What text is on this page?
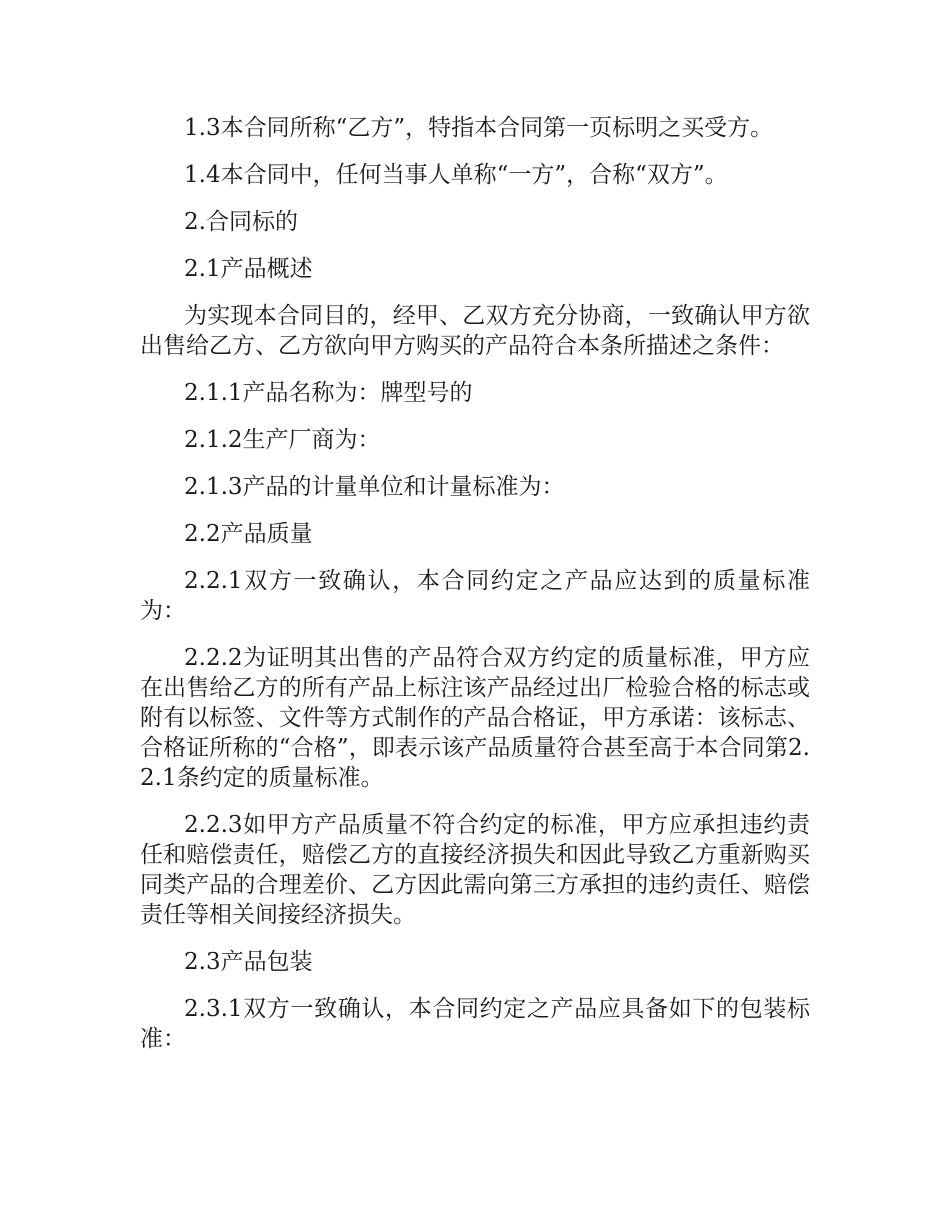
1.3本合同所称“乙方”，特指本合同第一页标明之买受方。

1.4本合同中，任何当事人单称“一方”，合称“双方”。

2.合同标的

2.1产品概述

为实现本合同目的，经甲、乙双方充分协商，一致确认甲方欲出售给乙方、乙方欲向甲方购买的产品符合本条所描述之条件：

2.1.1产品名称为：牌型号的

2.1.2生产厂商为：

2.1.3产品的计量单位和计量标准为：

2.2产品质量

2.2.1双方一致确认，本合同约定之产品应达到的质量标准为：

2.2.2为证明其出售的产品符合双方约定的质量标准，甲方应在出售给乙方的所有产品上标注该产品经过出厂检验合格的标志或附有以标签、文件等方式制作的产品合格证，甲方承诺：该标志、合格证所称的“合格”，即表示该产品质量符合甚至高于本合同第2.2.1条约定的质量标准。

2.2.3如甲方产品质量不符合约定的标准，甲方应承担违约责任和赔偿责任，赔偿乙方的直接经济损失和因此导致乙方重新购买同类产品的合理差价、乙方因此需向第三方承担的违约责任、赔偿责任等相关间接经济损失。

2.3产品包装

2.3.1双方一致确认，本合同约定之产品应具备如下的包装标准：
